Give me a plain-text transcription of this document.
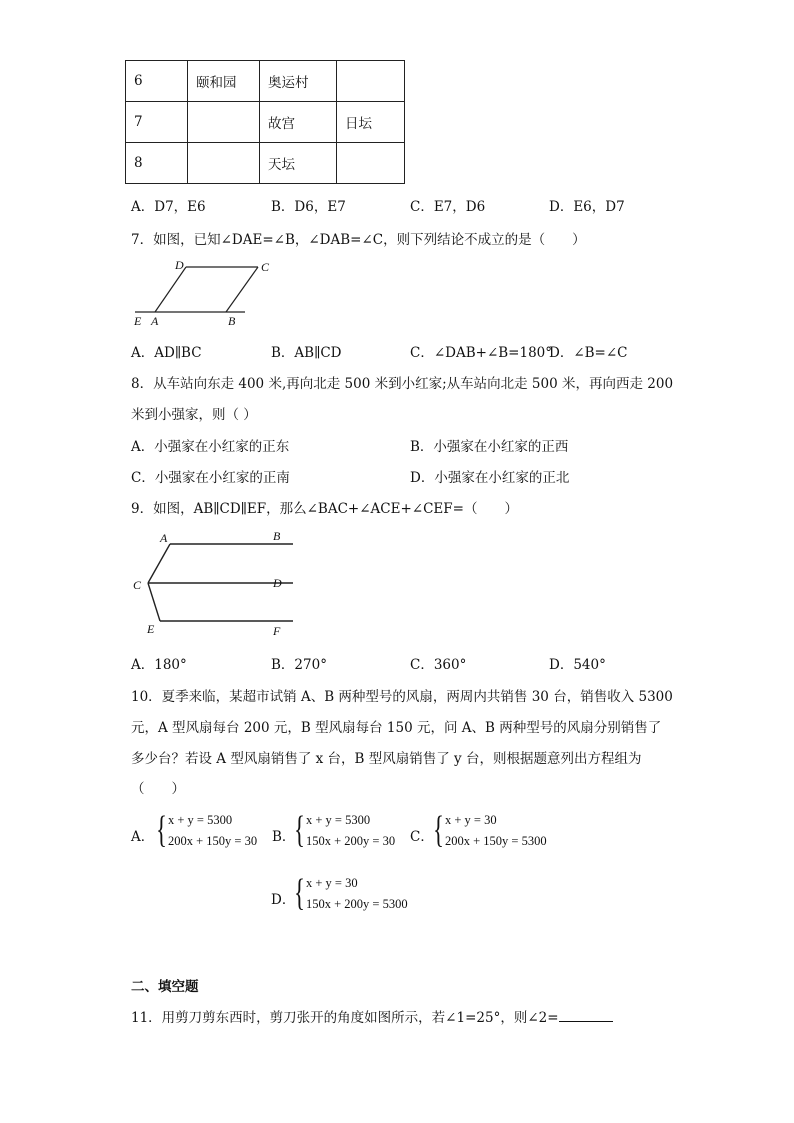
6	颐和园	奥运村	
7		故宫	日坛
8		天坛	
A．D7，E6	B．D6，E7	C．E7，D6	D．E6，D7
7．如图，已知∠DAE=∠B，∠DAB=∠C，则下列结论不成立的是（　　）
D	C
E A	B
A．AD∥BC	B．AB∥CD	C．∠DAB+∠B=180°
D．∠B=∠C
8．从车站向东走 400 米,再向北走 500 米到小红家;从车站向北走 500 米，再向西走 200
米到小强家，则（ ）
A．小强家在小红家的正东	B．小强家在小红家的正西
C．小强家在小红家的正南	D．小强家在小红家的正北
9．如图，AB∥CD∥EF，那么∠BAC+∠ACE+∠CEF=（　　）
A	B
C	D
E	F
A．180°	B．270°	C．360°	D．540°
10．夏季来临，某超市试销 A、B 两种型号的风扇，两周内共销售 30 台，销售收入 5300
元，A 型风扇每台 200 元，B 型风扇每台 150 元，问 A、B 两种型号的风扇分别销售了
多少台？若设 A 型风扇销售了 x 台，B 型风扇销售了 y 台，则根据题意列出方程组为
（　　）
A． { x + y = 5300
200x + 150y = 30 B．
{ x + y = 5300
150x + 200y = 30 C． { x + y = 30
200x + 150y = 5300
D．
{ x + y = 30
150x + 200y = 5300
二、填空题
11．用剪刀剪东西时，剪刀张开的角度如图所示，若∠1=25°，则∠2=
